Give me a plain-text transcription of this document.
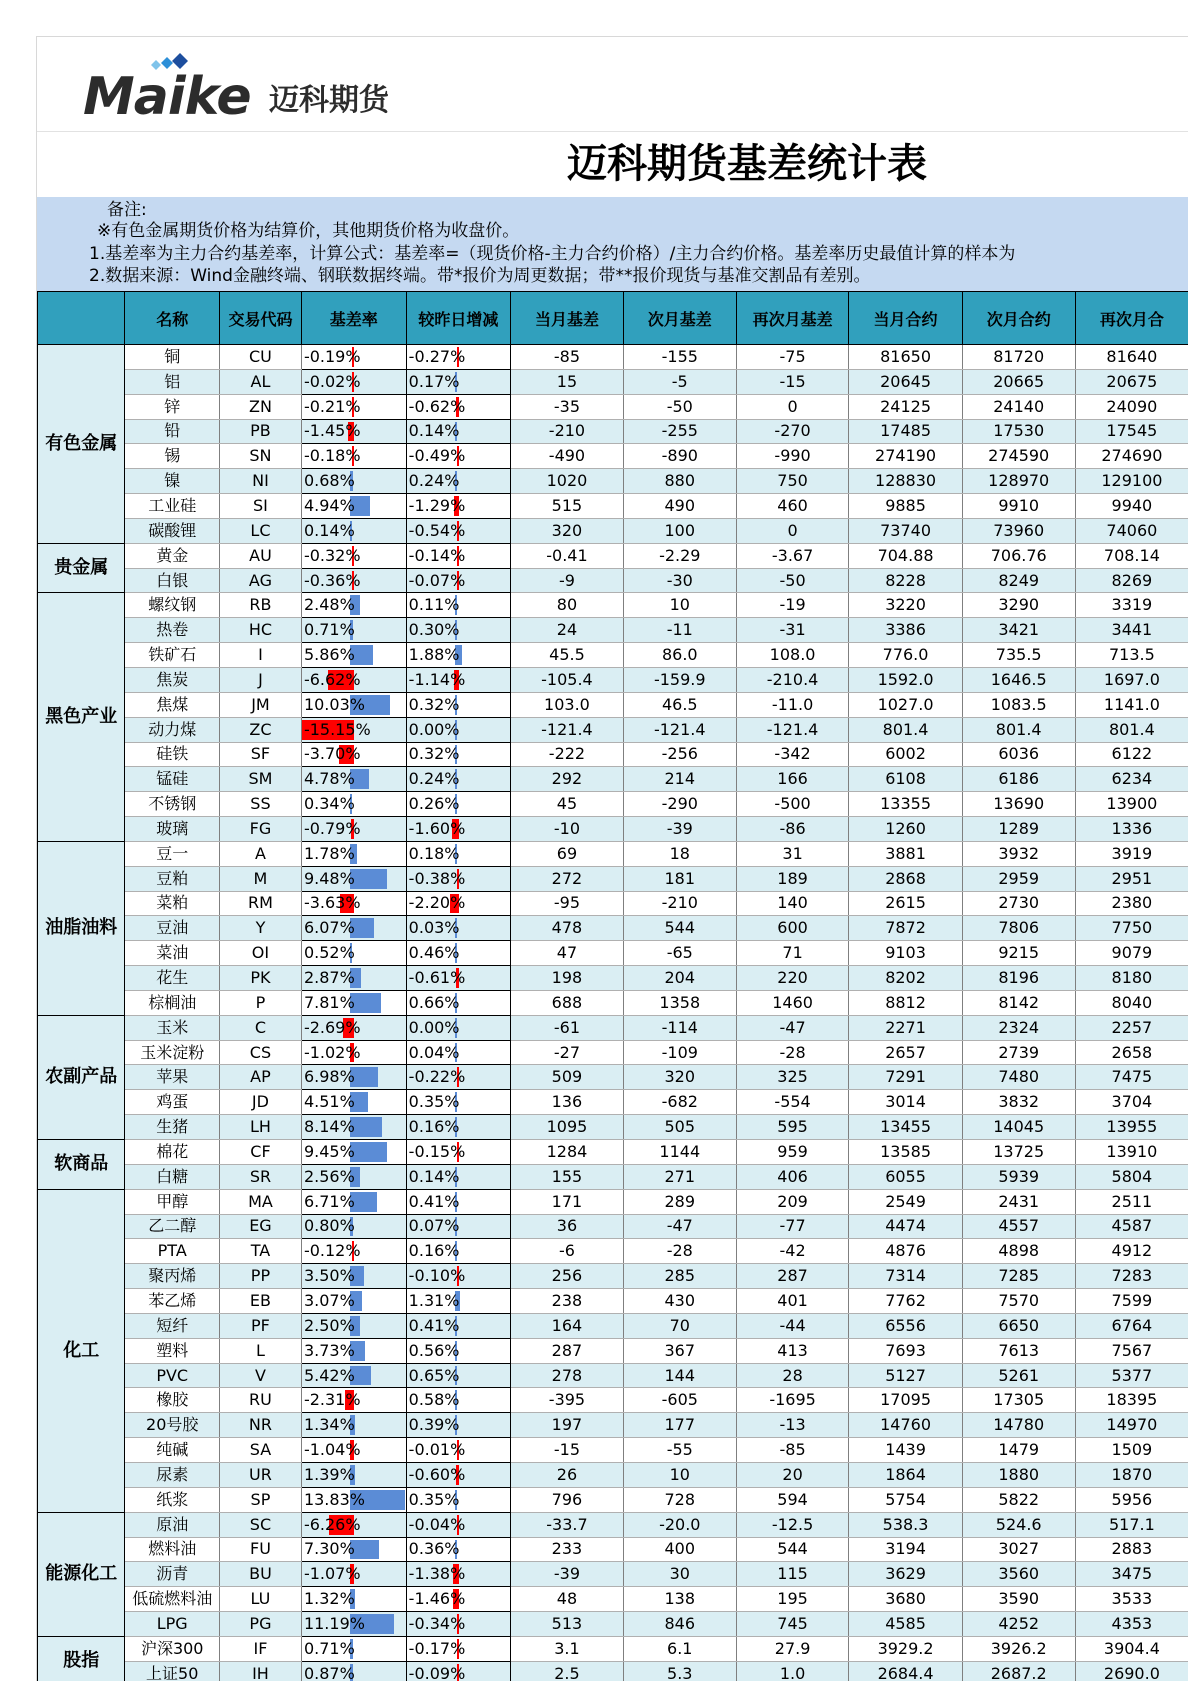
Maike 迈科期货
迈科期货基差统计表
备注:
※有色金属期货价格为结算价，其他期货价格为收盘价。
1.基差率为主力合约基差率，计算公式：基差率=（现货价格-主力合约价格）/主力合约价格。基差率历史最值计算的样本为
2.数据来源：Wind金融终端、钢联数据终端。带*报价为周更数据；带**报价现货与基准交割品有差别。
	名称	交易代码	基差率	较昨日增减	当月基差	次月基差	再次月基差	当月合约	次月合约	再次月合
有色金属	铜	CU	-0.19%	-0.27%	-85	-155	-75	81650	81720	81640
	铝	AL	-0.02%	0.17%	15	-5	-15	20645	20665	20675
	锌	ZN	-0.21%	-0.62%	-35	-50	0	24125	24140	24090
	铅	PB	-1.45%	0.14%	-210	-255	-270	17485	17530	17545
	锡	SN	-0.18%	-0.49%	-490	-890	-990	274190	274590	274690
	镍	NI	0.68%	0.24%	1020	880	750	128830	128970	129100
	工业硅	SI	4.94%	-1.29%	515	490	460	9885	9910	9940
	碳酸锂	LC	0.14%	-0.54%	320	100	0	73740	73960	74060
贵金属	黄金	AU	-0.32%	-0.14%	-0.41	-2.29	-3.67	704.88	706.76	708.14
	白银	AG	-0.36%	-0.07%	-9	-30	-50	8228	8249	8269
黑色产业	螺纹钢	RB	2.48%	0.11%	80	10	-19	3220	3290	3319
	热卷	HC	0.71%	0.30%	24	-11	-31	3386	3421	3441
	铁矿石	I	5.86%	1.88%	45.5	86.0	108.0	776.0	735.5	713.5
	焦炭	J	-6.62%	-1.14%	-105.4	-159.9	-210.4	1592.0	1646.5	1697.0
	焦煤	JM	10.03%	0.32%	103.0	46.5	-11.0	1027.0	1083.5	1141.0
	动力煤	ZC	-15.15%	0.00%	-121.4	-121.4	-121.4	801.4	801.4	801.4
	硅铁	SF	-3.70%	0.32%	-222	-256	-342	6002	6036	6122
	锰硅	SM	4.78%	0.24%	292	214	166	6108	6186	6234
	不锈钢	SS	0.34%	0.26%	45	-290	-500	13355	13690	13900
	玻璃	FG	-0.79%	-1.60%	-10	-39	-86	1260	1289	1336
油脂油料	豆一	A	1.78%	0.18%	69	18	31	3881	3932	3919
	豆粕	M	9.48%	-0.38%	272	181	189	2868	2959	2951
	菜粕	RM	-3.63%	-2.20%	-95	-210	140	2615	2730	2380
	豆油	Y	6.07%	0.03%	478	544	600	7872	7806	7750
	菜油	OI	0.52%	0.46%	47	-65	71	9103	9215	9079
	花生	PK	2.87%	-0.61%	198	204	220	8202	8196	8180
	棕榈油	P	7.81%	0.66%	688	1358	1460	8812	8142	8040
农副产品	玉米	C	-2.69%	0.00%	-61	-114	-47	2271	2324	2257
	玉米淀粉	CS	-1.02%	0.04%	-27	-109	-28	2657	2739	2658
	苹果	AP	6.98%	-0.22%	509	320	325	7291	7480	7475
	鸡蛋	JD	4.51%	0.35%	136	-682	-554	3014	3832	3704
	生猪	LH	8.14%	0.16%	1095	505	595	13455	14045	13955
软商品	棉花	CF	9.45%	-0.15%	1284	1144	959	13585	13725	13910
	白糖	SR	2.56%	0.14%	155	271	406	6055	5939	5804
化工	甲醇	MA	6.71%	0.41%	171	289	209	2549	2431	2511
	乙二醇	EG	0.80%	0.07%	36	-47	-77	4474	4557	4587
	PTA	TA	-0.12%	0.16%	-6	-28	-42	4876	4898	4912
	聚丙烯	PP	3.50%	-0.10%	256	285	287	7314	7285	7283
	苯乙烯	EB	3.07%	1.31%	238	430	401	7762	7570	7599
	短纤	PF	2.50%	0.41%	164	70	-44	6556	6650	6764
	塑料	L	3.73%	0.56%	287	367	413	7693	7613	7567
	PVC	V	5.42%	0.65%	278	144	28	5127	5261	5377
	橡胶	RU	-2.31%	0.58%	-395	-605	-1695	17095	17305	18395
	20号胶	NR	1.34%	0.39%	197	177	-13	14760	14780	14970
	纯碱	SA	-1.04%	-0.01%	-15	-55	-85	1439	1479	1509
	尿素	UR	1.39%	-0.60%	26	10	20	1864	1880	1870
	纸浆	SP	13.83%	0.35%	796	728	594	5754	5822	5956
能源化工	原油	SC	-6.26%	-0.04%	-33.7	-20.0	-12.5	538.3	524.6	517.1
	燃料油	FU	7.30%	0.36%	233	400	544	3194	3027	2883
	沥青	BU	-1.07%	-1.38%	-39	30	115	3629	3560	3475
	低硫燃料油	LU	1.32%	-1.46%	48	138	195	3680	3590	3533
	LPG	PG	11.19%	-0.34%	513	846	745	4585	4252	4353
股指	沪深300	IF	0.71%	-0.17%	3.1	6.1	27.9	3929.2	3926.2	3904.4
	上证50	IH	0.87%	-0.09%	2.5	5.3	1.0	2684.4	2687.2	2690.0
